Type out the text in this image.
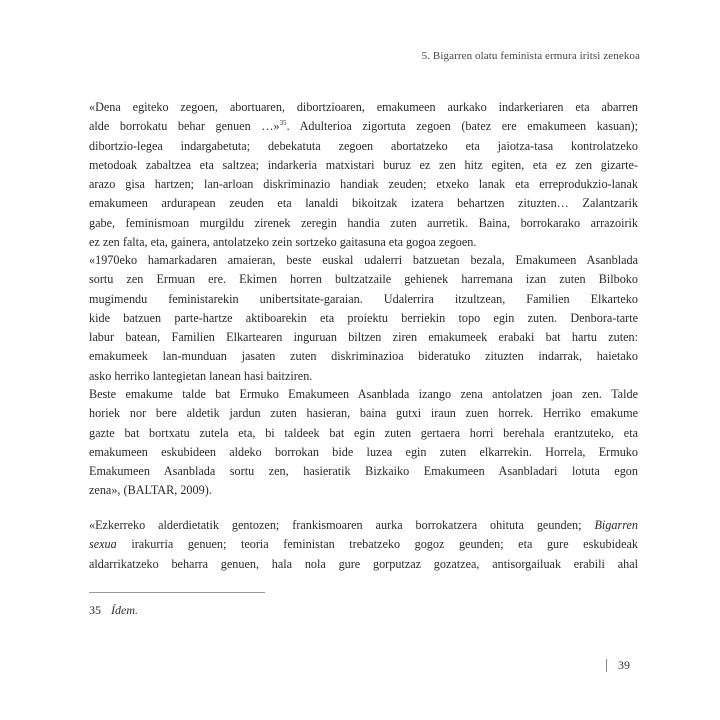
5. Bigarren olatu feminista ermura iritsi zenekoa
«Dena egiteko zegoen, abortuaren, dibortzioaren, emakumeen aurkako indarkeriaren eta abarren
alde borrokatu behar genuen …»$^{35}$. Adulterioa zigortuta zegoen (batez ere emakumeen kasuan);
dibortzio-legea indargabetuta; debekatuta zegoen abortatzeko eta jaiotza-tasa kontrolatzeko
metodoak zabaltzea eta saltzea; indarkeria matxistari buruz ez zen hitz egiten, eta ez zen gizarte-
arazo gisa hartzen; lan-arloan diskriminazio handiak zeuden; etxeko lanak eta erreprodukzio-lanak
emakumeen ardurapean zeuden eta lanaldi bikoitzak izatera behartzen zituzten… Zalantzarik
gabe, feminismoan murgildu zirenek zeregin handia zuten aurretik. Baina, borrokarako arrazoirik
ez zen falta, eta, gainera, antolatzeko zein sortzeko gaitasuna eta gogoa zegoen.
«1970eko hamarkadaren amaieran, beste euskal udalerri batzuetan bezala, Emakumeen Asanblada
sortu zen Ermuan ere. Ekimen horren bultzatzaile gehienek harremana izan zuten Bilboko
mugimendu feministarekin unibertsitate-garaian. Udalerrira itzultzean, Familien Elkarteko
kide batzuen parte-hartze aktiboarekin eta proiektu berriekin topo egin zuten. Denbora-tarte
labur batean, Familien Elkartearen inguruan biltzen ziren emakumeek erabaki bat hartu zuten:
emakumeek lan-munduan jasaten zuten diskriminazioa bideratuko zituzten indarrak, haietako
asko herriko lantegietan lanean hasi baitziren.
Beste emakume talde bat Ermuko Emakumeen Asanblada izango zena antolatzen joan zen. Talde
horiek nor bere aldetik jardun zuten hasieran, baina gutxi iraun zuen horrek. Herriko emakume
gazte bat bortxatu zutela eta, bi taldeek bat egin zuten gertaera horri berehala erantzuteko, eta
emakumeen eskubideen aldeko borrokan bide luzea egin zuten elkarrekin. Horrela, Ermuko
Emakumeen Asanblada sortu zen, hasieratik Bizkaiko Emakumeen Asanbladari lotuta egon
zena», (BALTAR, 2009).
«Ezkerreko alderdietatik gentozen; frankismoaren aurka borrokatzera ohituta geunden; Bigarren
sexua irakurria genuen; teoria feministan trebatzeko gogoz geunden; eta gure eskubideak
aldarrikatzeko beharra genuen, hala nola gure gorputzaz gozatzea, antisorgailuak erabili ahal
35 Ídem.
39
